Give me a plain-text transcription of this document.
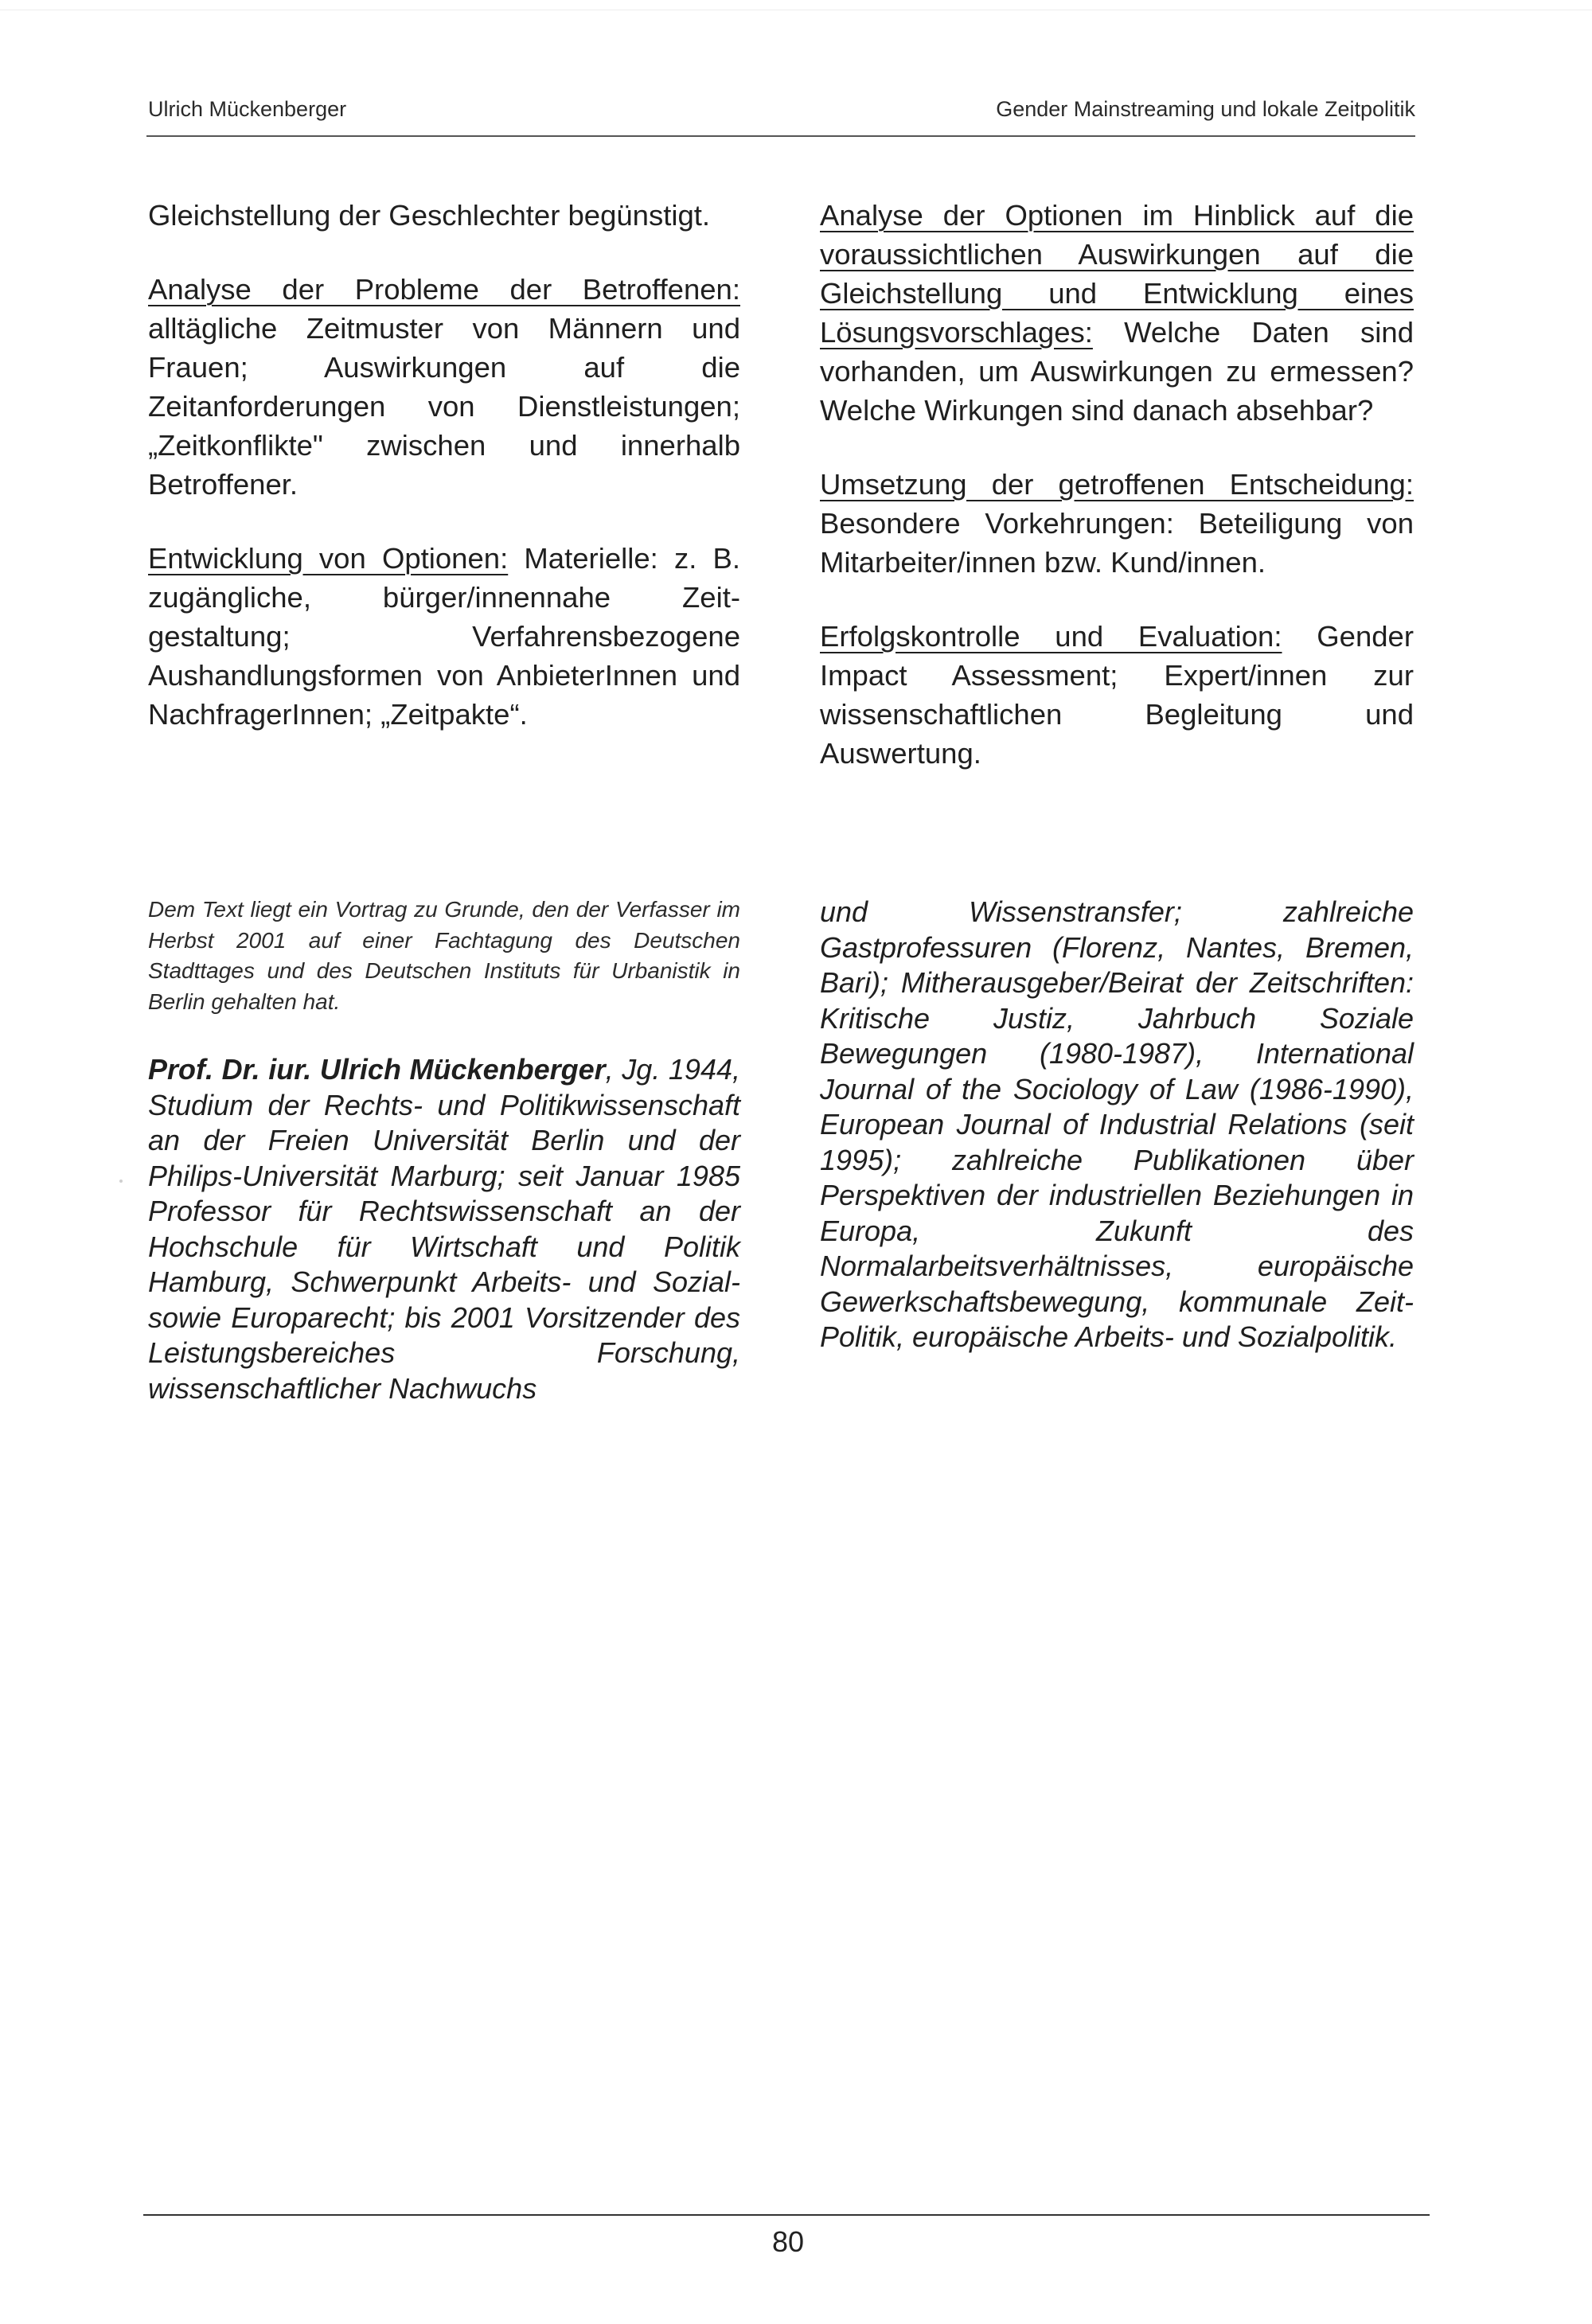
Ulrich Mückenberger	Gender Mainstreaming und lokale Zeitpolitik

Gleichstellung der Geschlechter begünstigt.

Analyse der Probleme der Betroffenen: alltägliche Zeitmuster von Männern und Frauen; Auswirkungen auf die Zeitanforderungen von Dienstleistungen; „Zeitkonflikte" zwischen und innerhalb Betroffener.

Entwicklung von Optionen: Materielle: z. B. zugängliche, bürger/innennahe Zeit-gestaltung; Verfahrensbezogene Aushandlungsformen von AnbieterInnen und NachfragerInnen; „Zeitpakte“.

Analyse der Optionen im Hinblick auf die voraussichtlichen Auswirkungen auf die Gleichstellung und Entwicklung eines Lösungsvorschlages: Welche Daten sind vorhanden, um Auswirkungen zu ermessen? Welche Wirkungen sind danach absehbar?

Umsetzung der getroffenen Entscheidung: Besondere Vorkehrungen: Beteiligung von Mitarbeiter/innen bzw. Kund/innen.

Erfolgskontrolle und Evaluation: Gender Impact Assessment; Expert/innen zur wissenschaftlichen Begleitung und Auswertung.

Dem Text liegt ein Vortrag zu Grunde, den der Verfasser im Herbst 2001 auf einer Fachtagung des Deutschen Stadttages und des Deutschen Instituts für Urbanistik in Berlin gehalten hat.

Prof. Dr. iur. Ulrich Mückenberger, Jg. 1944, Studium der Rechts- und Politikwissenschaft an der Freien Universität Berlin und der Philips-Universität Marburg; seit Januar 1985 Professor für Rechtswissenschaft an der Hochschule für Wirtschaft und Politik Hamburg, Schwerpunkt Arbeits- und Sozial- sowie Europarecht; bis 2001 Vorsitzender des Leistungsbereiches Forschung, wissenschaftlicher Nachwuchs

und Wissenstransfer; zahlreiche Gastprofessuren (Florenz, Nantes, Bremen, Bari); Mitherausgeber/Beirat der Zeitschriften: Kritische Justiz, Jahrbuch Soziale Bewegungen (1980-1987), International Journal of the Sociology of Law (1986-1990), European Journal of Industrial Relations (seit 1995); zahlreiche Publikationen über Perspektiven der industriellen Beziehungen in Europa, Zukunft des Normalarbeitsverhältnisses, europäische Gewerkschaftsbewegung, kommunale Zeit-Politik, europäische Arbeits- und Sozialpolitik.

80
